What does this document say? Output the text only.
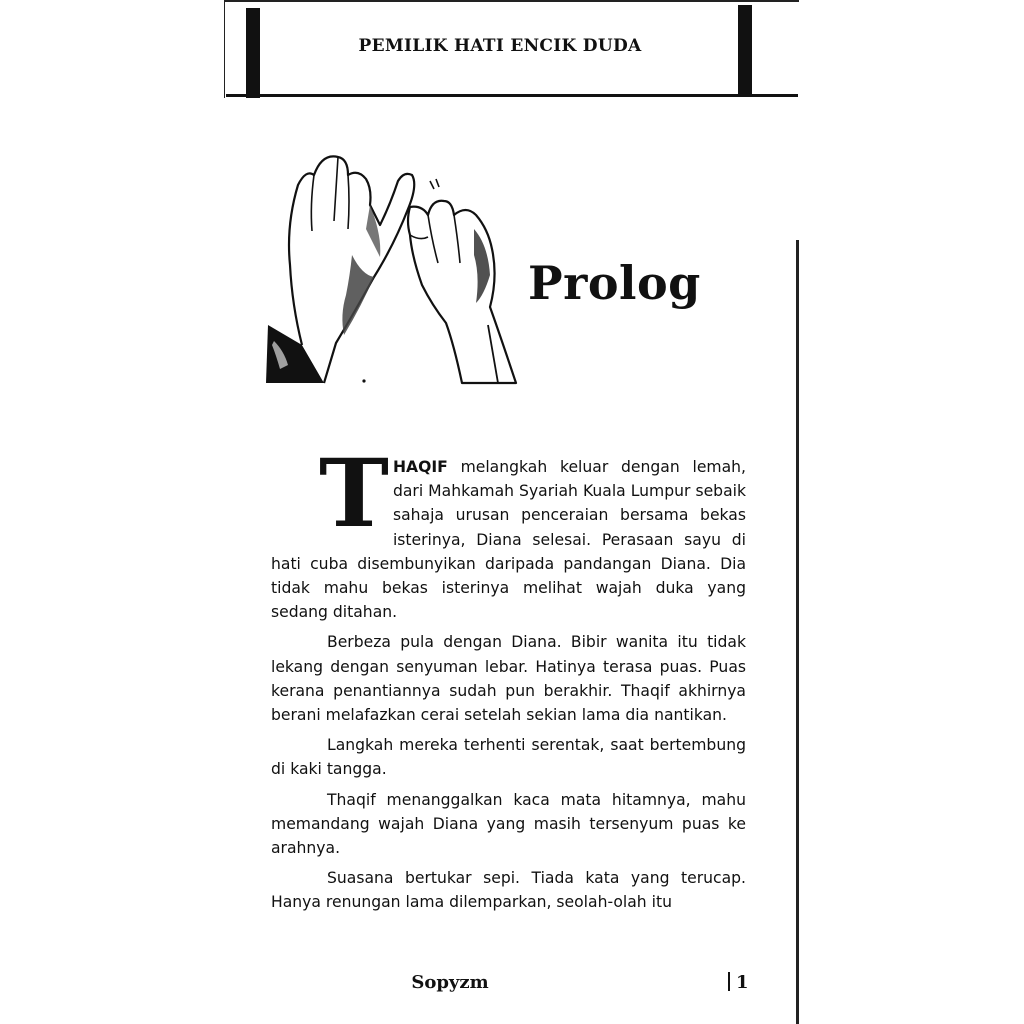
PEMILIK HATI ENCIK DUDA
Prolog

THAQIF melangkah keluar dengan lemah, dari Mahkamah Syariah Kuala Lumpur sebaik sahaja urusan penceraian bersama bekas isterinya, Diana selesai. Perasaan sayu di hati cuba disembunyikan daripada pandangan Diana. Dia tidak mahu bekas isterinya melihat wajah duka yang sedang ditahan.

Berbeza pula dengan Diana. Bibir wanita itu tidak lekang dengan senyuman lebar. Hatinya terasa puas. Puas kerana penantiannya sudah pun berakhir. Thaqif akhirnya berani melafazkan cerai setelah sekian lama dia nantikan.

Langkah mereka terhenti serentak, saat bertembung di kaki tangga.

Thaqif menanggalkan kaca mata hitamnya, mahu memandang wajah Diana yang masih tersenyum puas ke arahnya.

Suasana bertukar sepi. Tiada kata yang terucap. Hanya renungan lama dilemparkan, seolah-olah itu

Sopyzm	1
